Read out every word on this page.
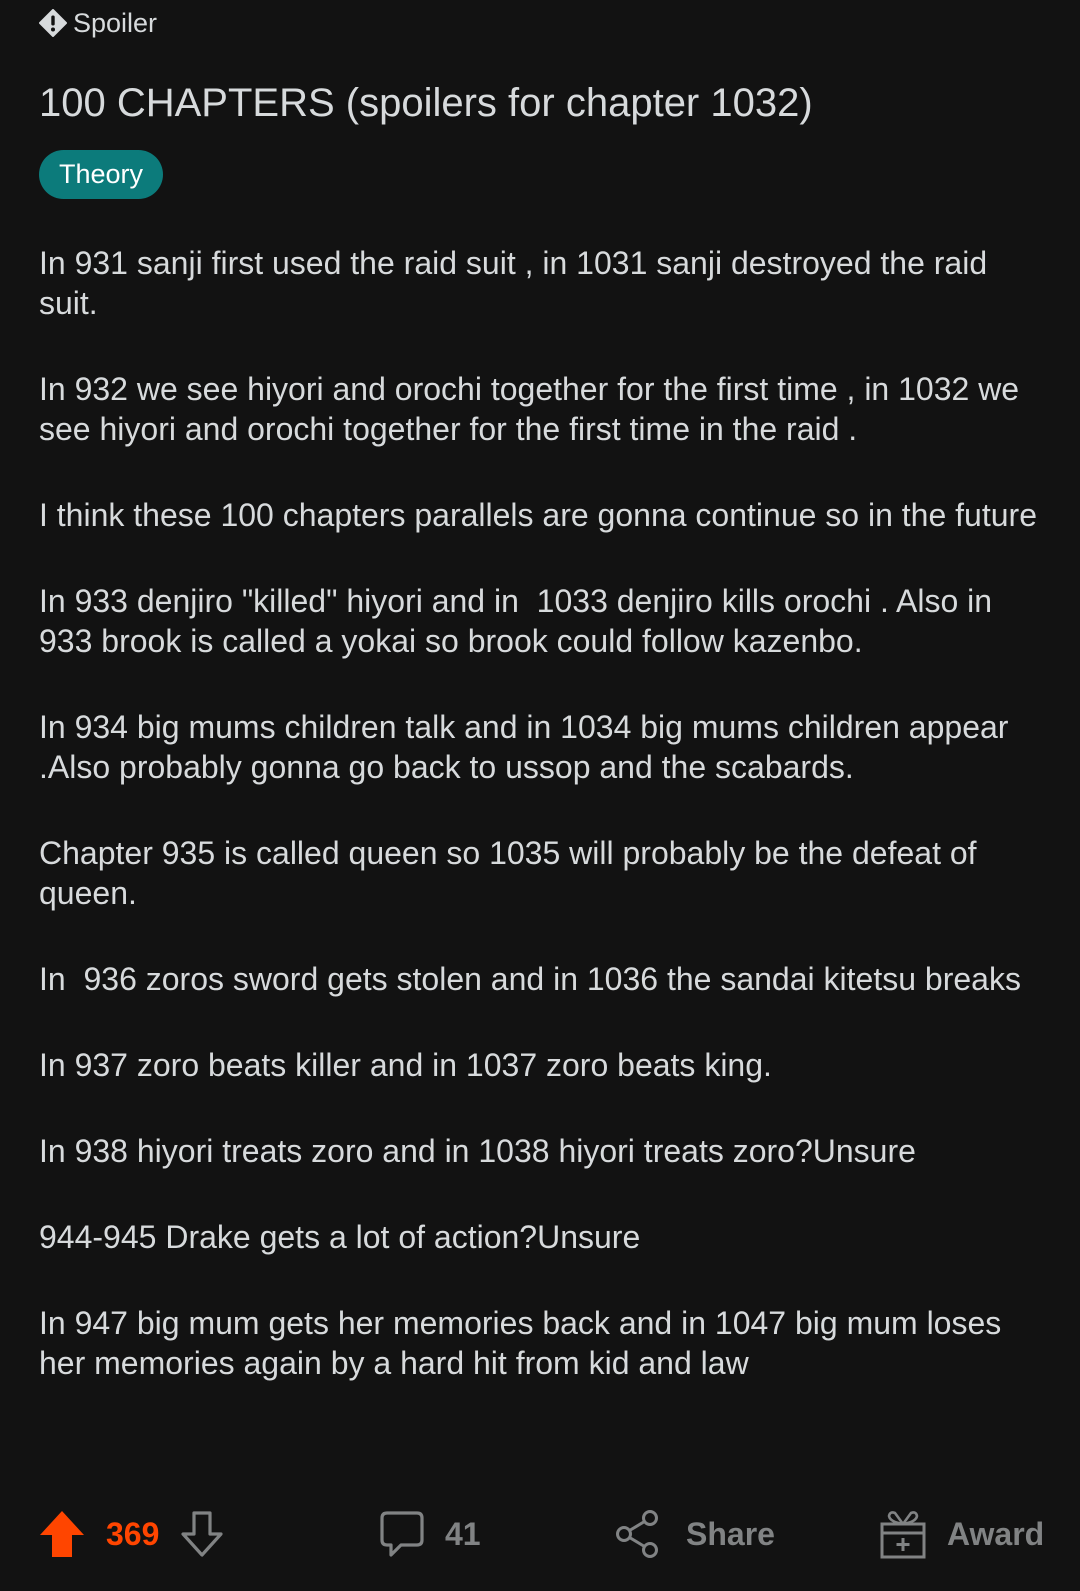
Spoiler
100 CHAPTERS (spoilers for chapter 1032)
Theory

In 931 sanji first used the raid suit , in 1031 sanji destroyed the raid suit.

In 932 we see hiyori and orochi together for the first time , in 1032 we see hiyori and orochi together for the first time in the raid .

I think these 100 chapters parallels are gonna continue so in the future

In 933 denjiro "killed" hiyori and in  1033 denjiro kills orochi . Also in 933 brook is called a yokai so brook could follow kazenbo.

In 934 big mums children talk and in 1034 big mums children appear .Also probably gonna go back to ussop and the scabards.

Chapter 935 is called queen so 1035 will probably be the defeat of queen.

In  936 zoros sword gets stolen and in 1036 the sandai kitetsu breaks

In 937 zoro beats killer and in 1037 zoro beats king.

In 938 hiyori treats zoro and in 1038 hiyori treats zoro?Unsure

944-945 Drake gets a lot of action?Unsure

In 947 big mum gets her memories back and in 1047 big mum loses her memories again by a hard hit from kid and law

369	41	Share	Award
